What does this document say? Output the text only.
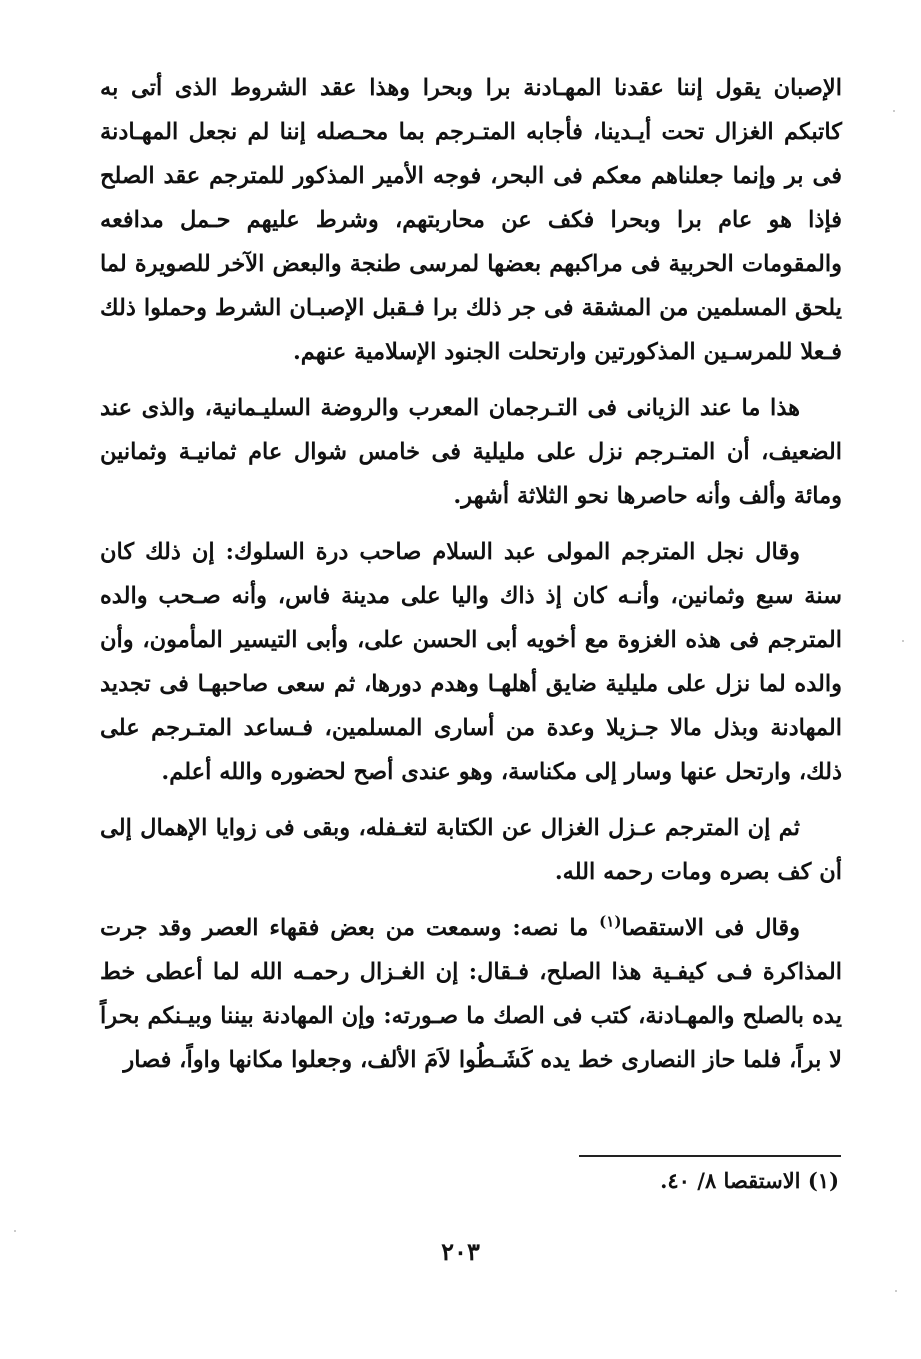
الإصبان يقول إننا عقدنا المهـادنة برا وبحرا وهذا عقد الشروط الذى أتى به كاتبكم الغزال تحت أيـدينا، فأجابه المتـرجم بما محـصله إننا لم نجعل المهـادنة فى بر وإنما جعلناهم معكم فى البحر، فوجه الأمير المذكور للمترجم عقد الصلح فإذا هو عام برا وبحرا فكف عن محاربتهم، وشرط عليهم حـمل مدافعه والمقومات الحربية فى مراكبهم بعضها لمرسى طنجة والبعض الآخر للصويرة لما يلحق المسلمين من المشقة فى جر ذلك برا فـقبل الإصبـان الشرط وحملوا ذلك فـعلا للمرسـين المذكورتين وارتحلت الجنود الإسلامية عنهم.

هذا ما عند الزيانى فى التـرجمان المعرب والروضة السليـمانية، والذى عند الضعيف، أن المتـرجم نزل على مليلية فى خامس شوال عام ثمانيـة وثمانين ومائة وألف وأنه حاصرها نحو الثلاثة أشهر.

وقال نجل المترجم المولى عبد السلام صاحب درة السلوك: إن ذلك كان سنة سبع وثمانين، وأنـه كان إذ ذاك واليا على مدينة فاس، وأنه صـحب والده المترجم فى هذه الغزوة مع أخويه أبى الحسن على، وأبى التيسير المأمون، وأن والده لما نزل على مليلية ضايق أهلهـا وهدم دورها، ثم سعى صاحبهـا فى تجديد المهادنة وبذل مالا جـزيلا وعدة من أسارى المسلمين، فـساعد المتـرجم على ذلك، وارتحل عنها وسار إلى مكناسة، وهو عندى أصح لحضوره والله أعلم.

ثم إن المترجم عـزل الغزال عن الكتابة لتغـفله، وبقى فى زوايا الإهمال إلى أن كف بصره ومات رحمه الله.

وقال فى الاستقصا$^{(١)}$ ما نصه: وسمعت من بعض فقهاء العصر وقد جرت المذاكرة فـى كيفـية هذا الصلح، فـقال: إن الغـزال رحمـه الله لما أعطى خط يده بالصلح والمهـادنة، كتب فى الصك ما صـورته: وإن المهادنة بيننا وبيـنكم بحراً لا براً، فلما حاز النصارى خط يده كَشَـطُوا لاَمَ الألف، وجعلوا مكانها واواً، فصار

(١) الاستقصا ٨/ ٤٠.

٢٠٣
